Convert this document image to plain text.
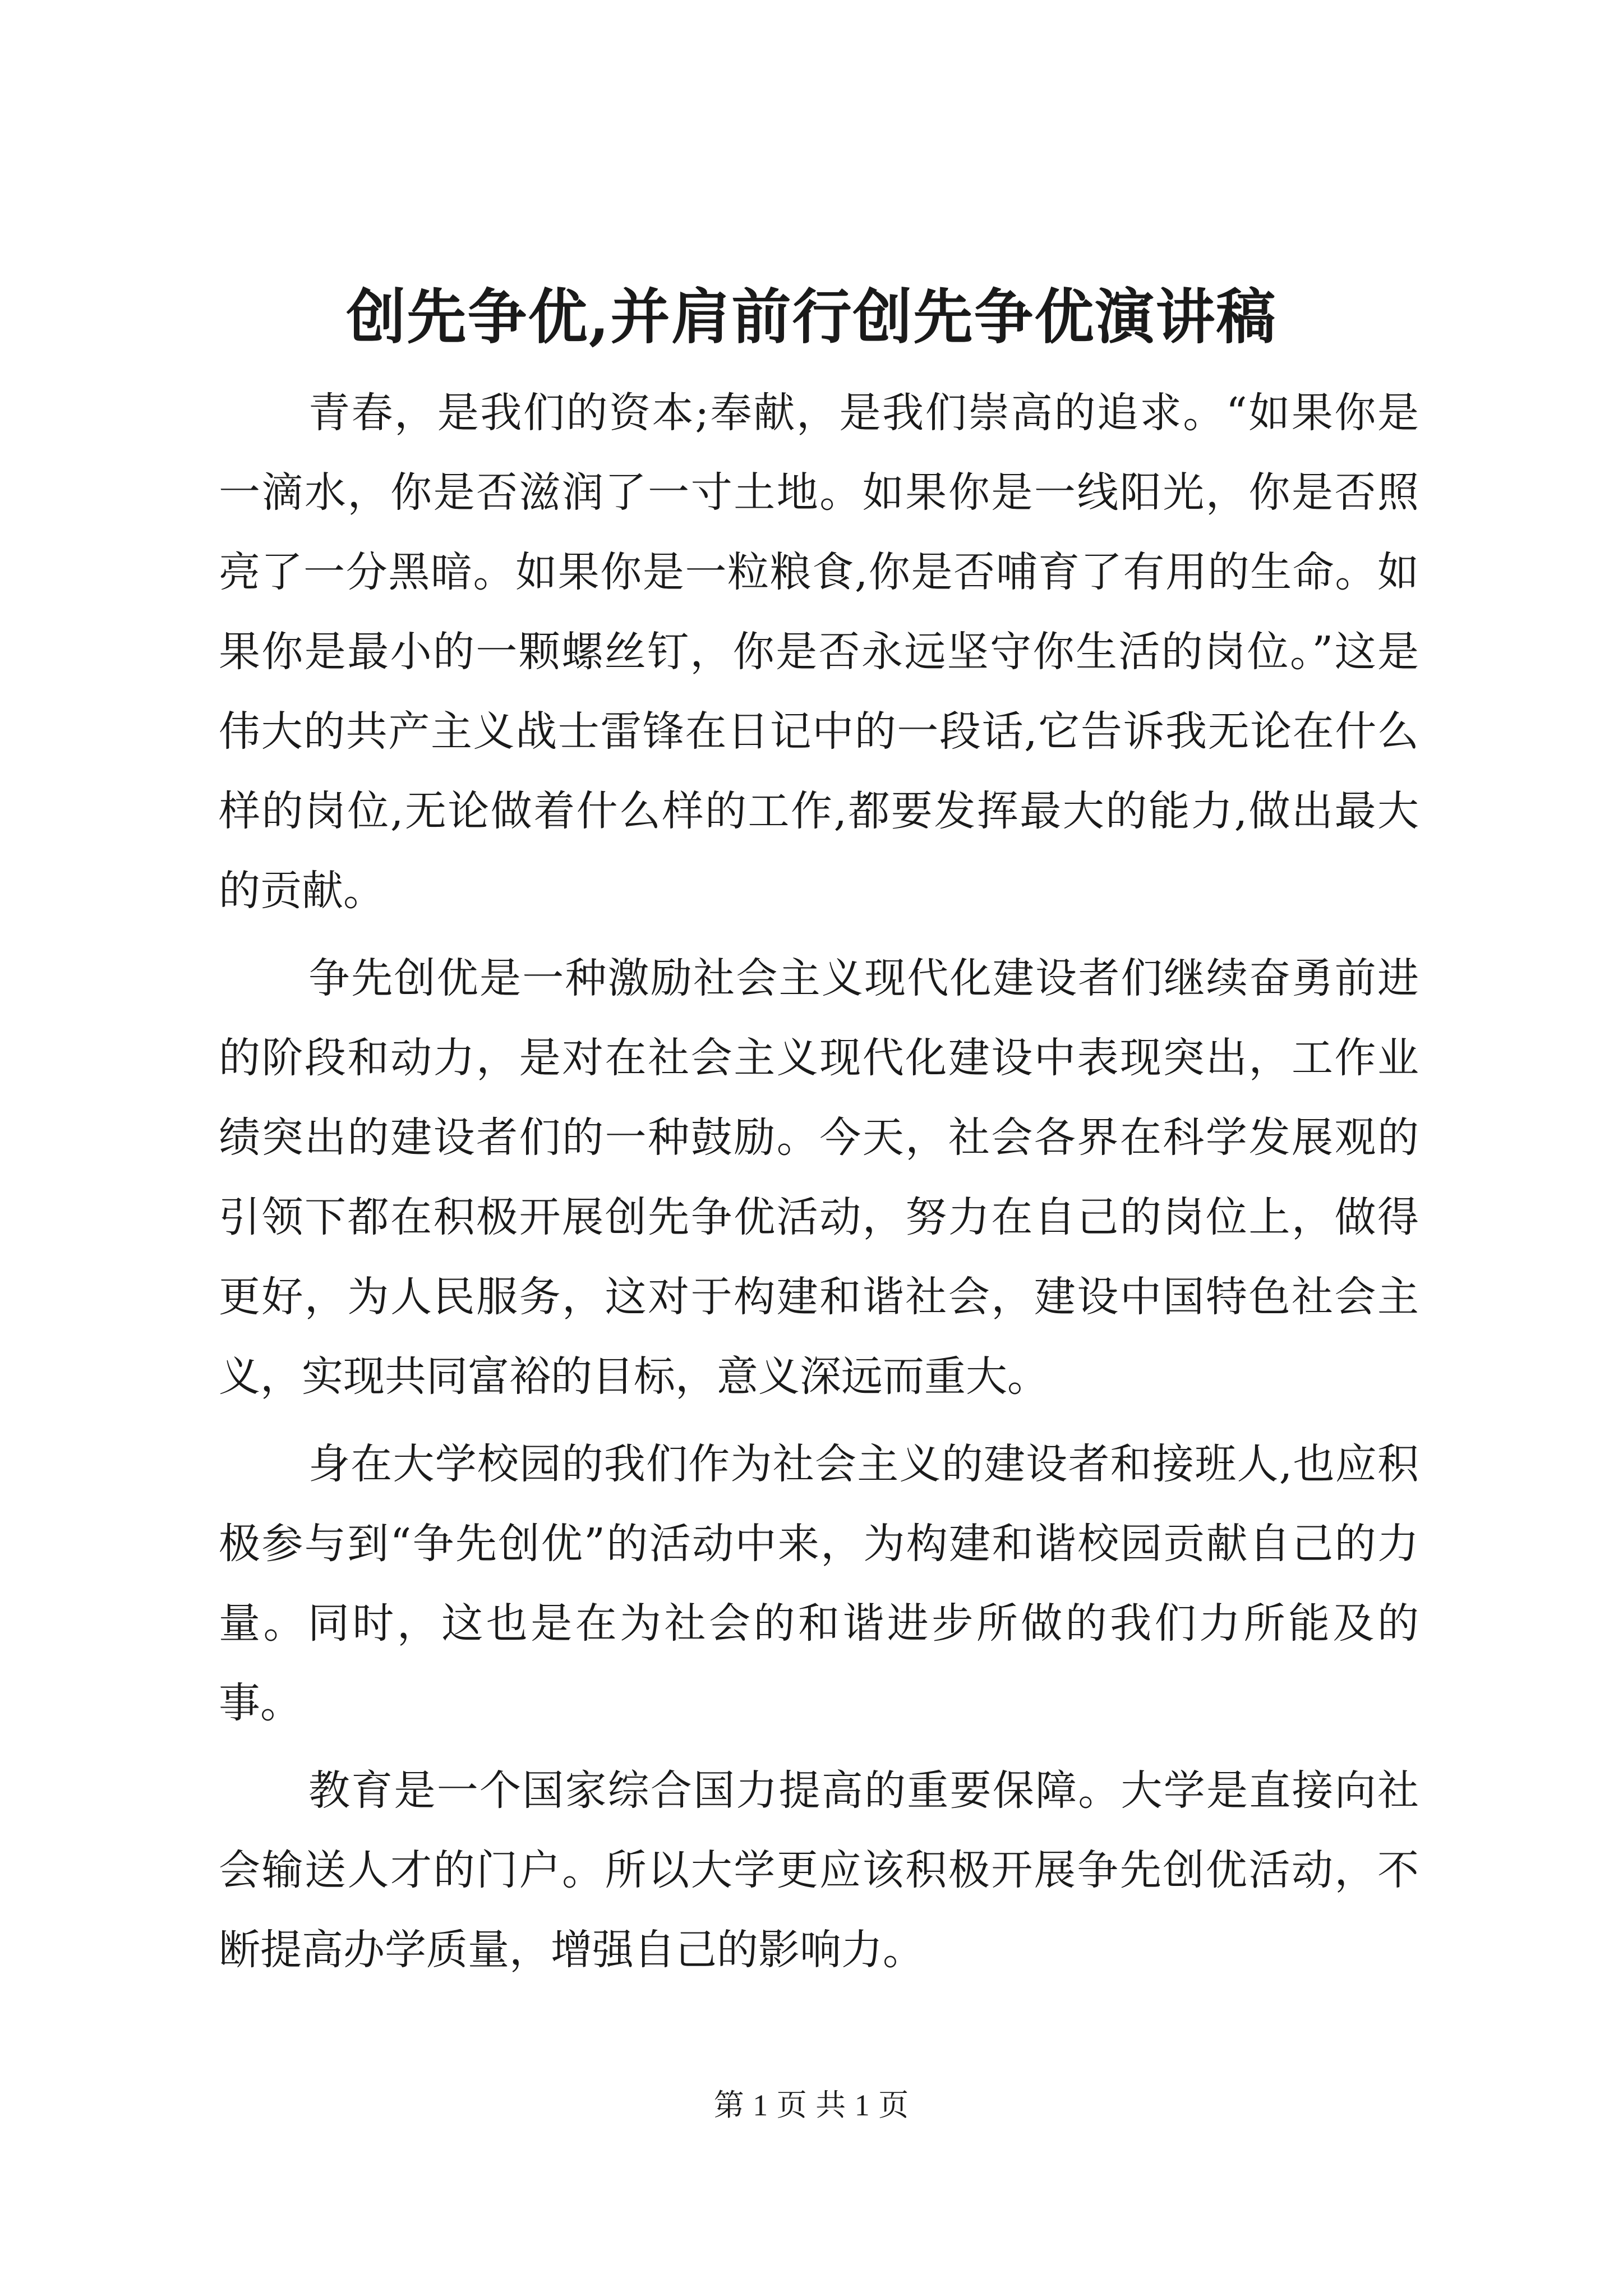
创先争优,并肩前行创先争优演讲稿

青春，是我们的资本;奉献，是我们崇高的追求。“如果你是一滴水，你是否滋润了一寸土地。如果你是一线阳光，你是否照亮了一分黑暗。如果你是一粒粮食,你是否哺育了有用的生命。如果你是最小的一颗螺丝钉，你是否永远坚守你生活的岗位。”这是伟大的共产主义战士雷锋在日记中的一段话,它告诉我无论在什么样的岗位,无论做着什么样的工作,都要发挥最大的能力,做出最大的贡献。

争先创优是一种激励社会主义现代化建设者们继续奋勇前进的阶段和动力，是对在社会主义现代化建设中表现突出，工作业绩突出的建设者们的一种鼓励。今天，社会各界在科学发展观的引领下都在积极开展创先争优活动，努力在自己的岗位上，做得更好，为人民服务，这对于构建和谐社会，建设中国特色社会主义，实现共同富裕的目标，意义深远而重大。

身在大学校园的我们作为社会主义的建设者和接班人,也应积极参与到“争先创优”的活动中来，为构建和谐校园贡献自己的力量。同时，这也是在为社会的和谐进步所做的我们力所能及的事。

教育是一个国家综合国力提高的重要保障。大学是直接向社会输送人才的门户。所以大学更应该积极开展争先创优活动，不断提高办学质量，增强自己的影响力。

第 1 页 共 1 页
